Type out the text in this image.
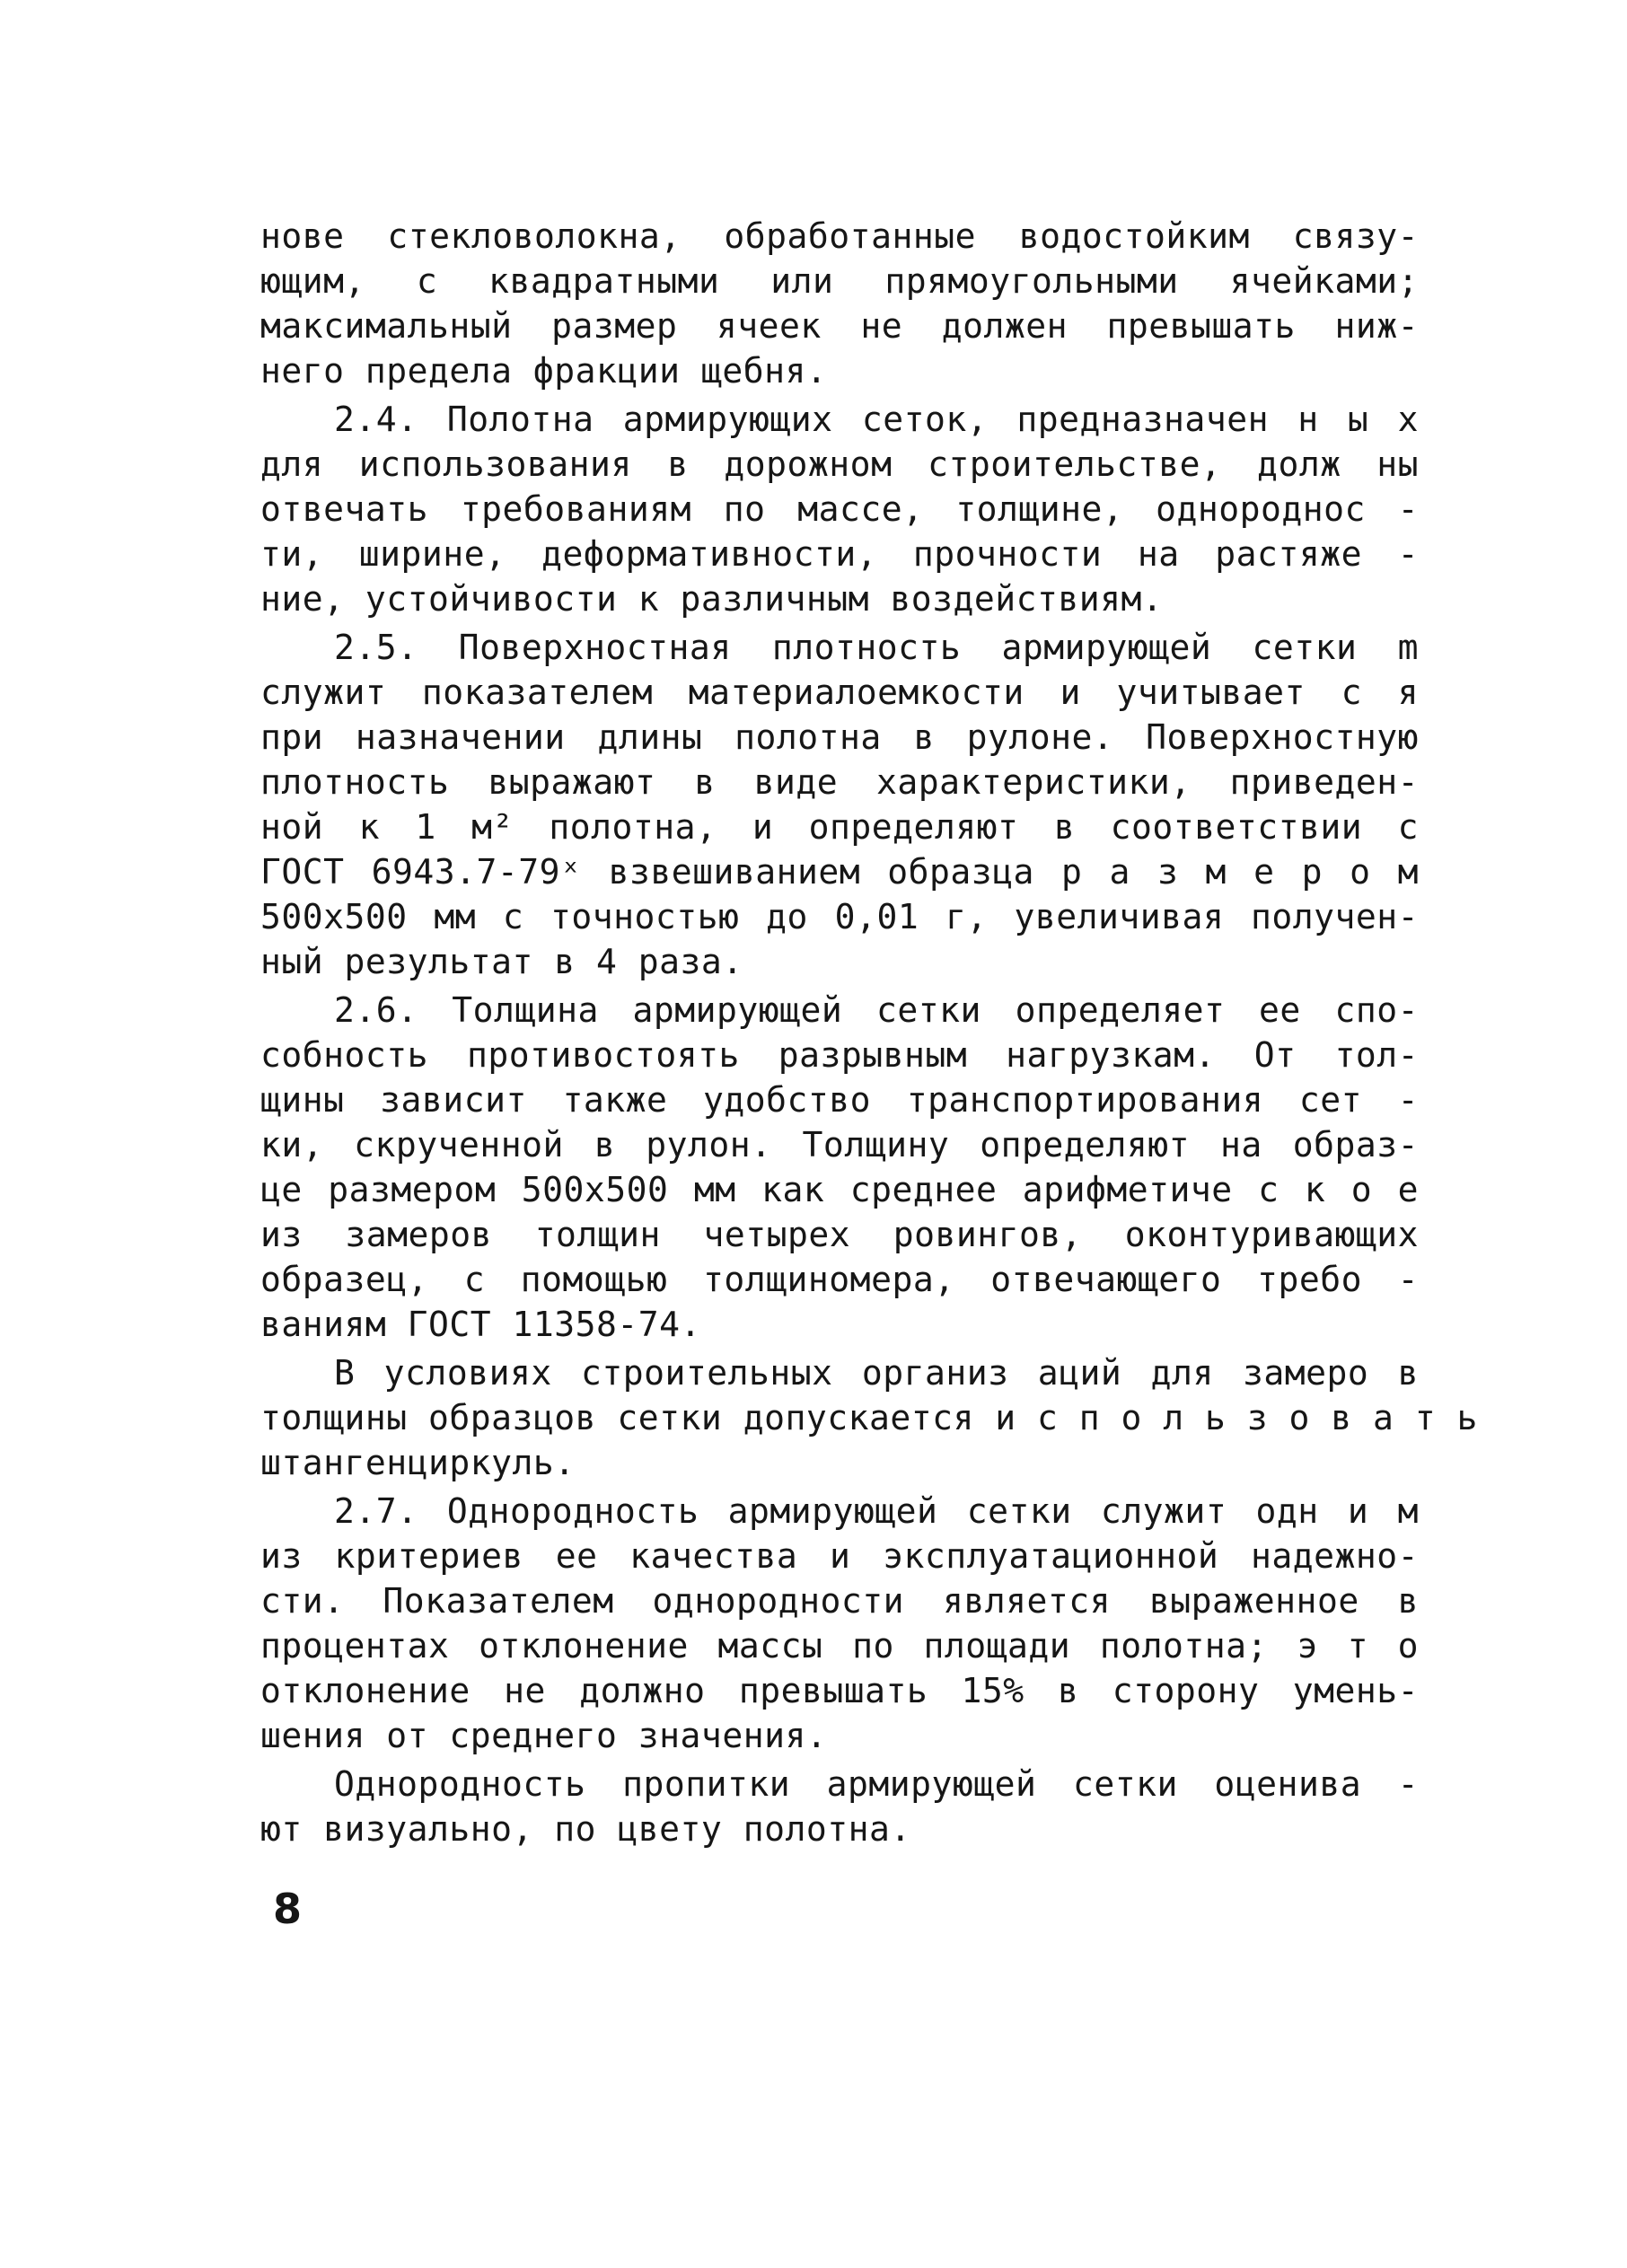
нове стекловолокна, обработанные водостойким связу-
ющим, с квадратными или прямоугольными ячейками;
максимальный размер ячеек не должен превышать ниж-
него предела фракции щебня.
2.4. Полотна армирующих сеток, предназначен н ы х
для использования в дорожном строительстве, долж ны
отвечать требованиям по массе, толщине, однороднос -
ти, ширине, деформативности, прочности на растяже -
ние, устойчивости к различным воздействиям.
2.5. Поверхностная плотность армирующей сетки m
служит показателем материалоемкости и учитывает с я
при назначении длины полотна в рулоне. Поверхностную
плотность выражают в виде характеристики, приведен-
ной к 1 м² полотна, и определяют в соответствии с
ГОСТ 6943.7-79ˣ взвешиванием образца р а з м е р о м
500х500 мм с точностью до 0,01 г, увеличивая получен-
ный результат в 4 раза.
2.6. Толщина армирующей сетки определяет ее спо-
собность противостоять разрывным нагрузкам. От тол-
щины зависит также удобство транспортирования сет -
ки, скрученной в рулон. Толщину определяют на образ-
це размером 500х500 мм как среднее арифметиче с к о е
из замеров толщин четырех ровингов, оконтуривающих
образец, с помощью толщиномера, отвечающего требо -
ваниям ГОСТ 11358-74.
В условиях строительных организ аций для замеро в
толщины образцов сетки допускается и с п о л ь з о в а т ь
штангенциркуль.
2.7. Однородность армирующей сетки служит одн и м
из критериев ее качества и эксплуатационной надежно-
сти. Показателем однородности является выраженное в
процентах отклонение массы по площади полотна; э т о
отклонение не должно превышать 15% в сторону умень-
шения от среднего значения.
Однородность пропитки армирующей сетки оценива -
ют визуально, по цвету полотна.
8
